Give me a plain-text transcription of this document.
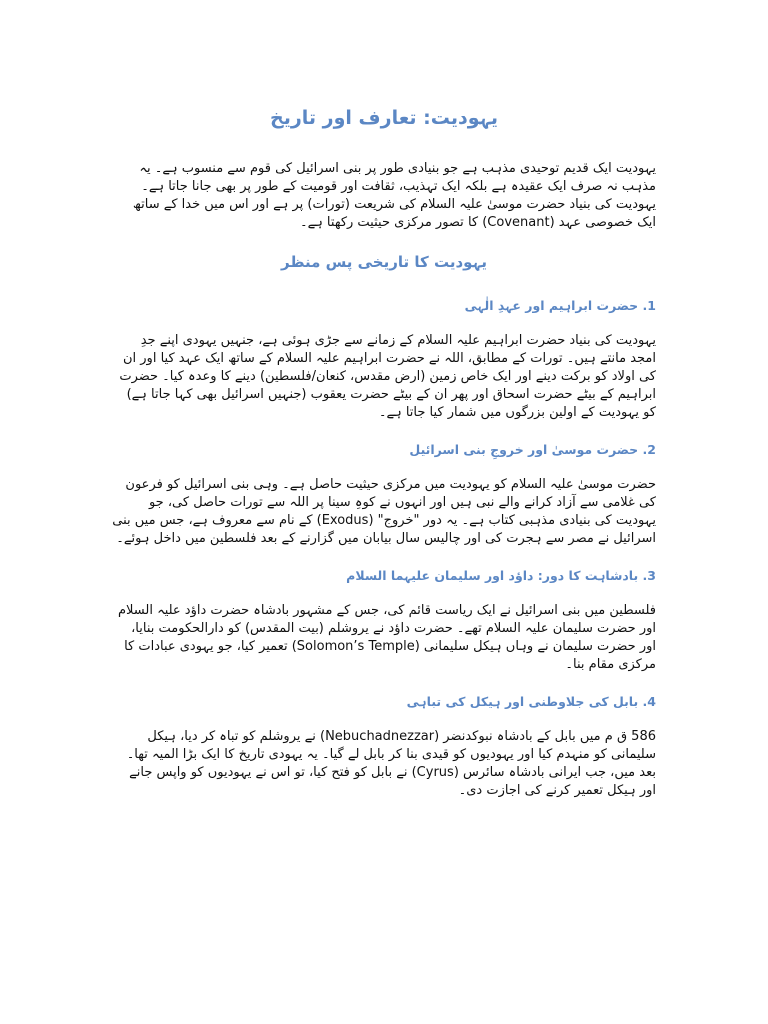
یہودیت: تعارف اور تاریخ

یہودیت ایک قدیم توحیدی مذہب ہے جو بنیادی طور پر بنی اسرائیل کی قوم سے منسوب ہے۔ یہ مذہب نہ صرف ایک عقیدہ ہے بلکہ ایک تہذیب، ثقافت اور قومیت کے طور پر بھی جانا جاتا ہے۔ یہودیت کی بنیاد حضرت موسیٰ علیہ السلام کی شریعت (تورات) پر ہے اور اس میں خدا کے ساتھ ایک خصوصی عہد (Covenant) کا تصور مرکزی حیثیت رکھتا ہے۔

یہودیت کا تاریخی پس منظر
1. حضرت ابراہیم اور عہدِ الٰہی

یہودیت کی بنیاد حضرت ابراہیم علیہ السلام کے زمانے سے جڑی ہوئی ہے، جنہیں یہودی اپنے جدِ امجد مانتے ہیں۔ تورات کے مطابق، اللہ نے حضرت ابراہیم علیہ السلام کے ساتھ ایک عہد کیا اور ان کی اولاد کو برکت دینے اور ایک خاص زمین (ارض مقدس، کنعان/فلسطین) دینے کا وعدہ کیا۔ حضرت ابراہیم کے بیٹے حضرت اسحاق اور پھر ان کے بیٹے حضرت یعقوب (جنہیں اسرائیل بھی کہا جاتا ہے) کو یہودیت کے اولین بزرگوں میں شمار کیا جاتا ہے۔

2. حضرت موسیٰ اور خروجِ بنی اسرائیل

حضرت موسیٰ علیہ السلام کو یہودیت میں مرکزی حیثیت حاصل ہے۔ وہی بنی اسرائیل کو فرعون کی غلامی سے آزاد کرانے والے نبی ہیں اور انہوں نے کوہِ سینا پر اللہ سے تورات حاصل کی، جو یہودیت کی بنیادی مذہبی کتاب ہے۔ یہ دور "خروج" (Exodus) کے نام سے معروف ہے، جس میں بنی اسرائیل نے مصر سے ہجرت کی اور چالیس سال بیابان میں گزارنے کے بعد فلسطین میں داخل ہوئے۔

3. بادشاہت کا دور: داؤد اور سلیمان علیہما السلام

فلسطین میں بنی اسرائیل نے ایک ریاست قائم کی، جس کے مشہور بادشاہ حضرت داؤد علیہ السلام اور حضرت سلیمان علیہ السلام تھے۔ حضرت داؤد نے یروشلم (بیت المقدس) کو دارالحکومت بنایا، اور حضرت سلیمان نے وہاں ہیکل سلیمانی (Solomon’s Temple) تعمیر کیا، جو یہودی عبادات کا مرکزی مقام بنا۔

4. بابل کی جلاوطنی اور ہیکل کی تباہی

586 ق م میں بابل کے بادشاہ نبوکدنضر (Nebuchadnezzar) نے یروشلم کو تباہ کر دیا، ہیکل سلیمانی کو منہدم کیا اور یہودیوں کو قیدی بنا کر بابل لے گیا۔ یہ یہودی تاریخ کا ایک بڑا المیہ تھا۔ بعد میں، جب ایرانی بادشاہ سائرس (Cyrus) نے بابل کو فتح کیا، تو اس نے یہودیوں کو واپس جانے اور ہیکل تعمیر کرنے کی اجازت دی۔
